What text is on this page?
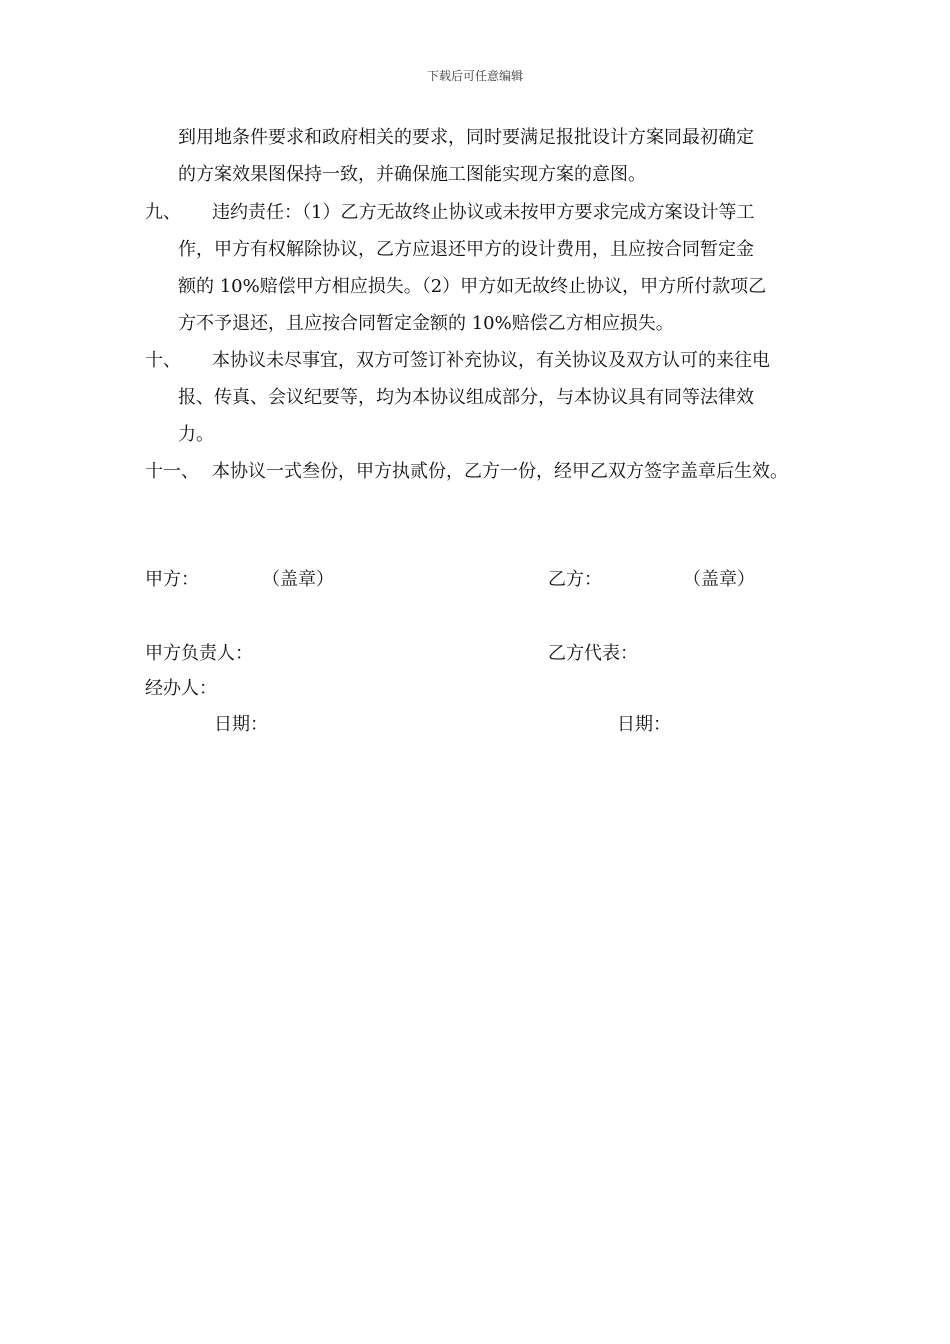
下载后可任意编辑
到用地条件要求和政府相关的要求，同时要满足报批设计方案同最初确定
的方案效果图保持一致，并确保施工图能实现方案的意图。
九、 违约责任：（1）乙方无故终止协议或未按甲方要求完成方案设计等工
作，甲方有权解除协议，乙方应退还甲方的设计费用，且应按合同暂定金
额的 10%赔偿甲方相应损失。（2）甲方如无故终止协议，甲方所付款项乙
方不予退还，且应按合同暂定金额的 10%赔偿乙方相应损失。
十、 本协议未尽事宜，双方可签订补充协议，有关协议及双方认可的来往电
报、传真、会议纪要等，均为本协议组成部分，与本协议具有同等法律效
力。
十一、 本协议一式叁份，甲方执贰份，乙方一份，经甲乙双方签字盖章后生效。
甲方：	（盖章）	乙方：	（盖章）
甲方负责人：	乙方代表：
经办人：
日期：	日期：
